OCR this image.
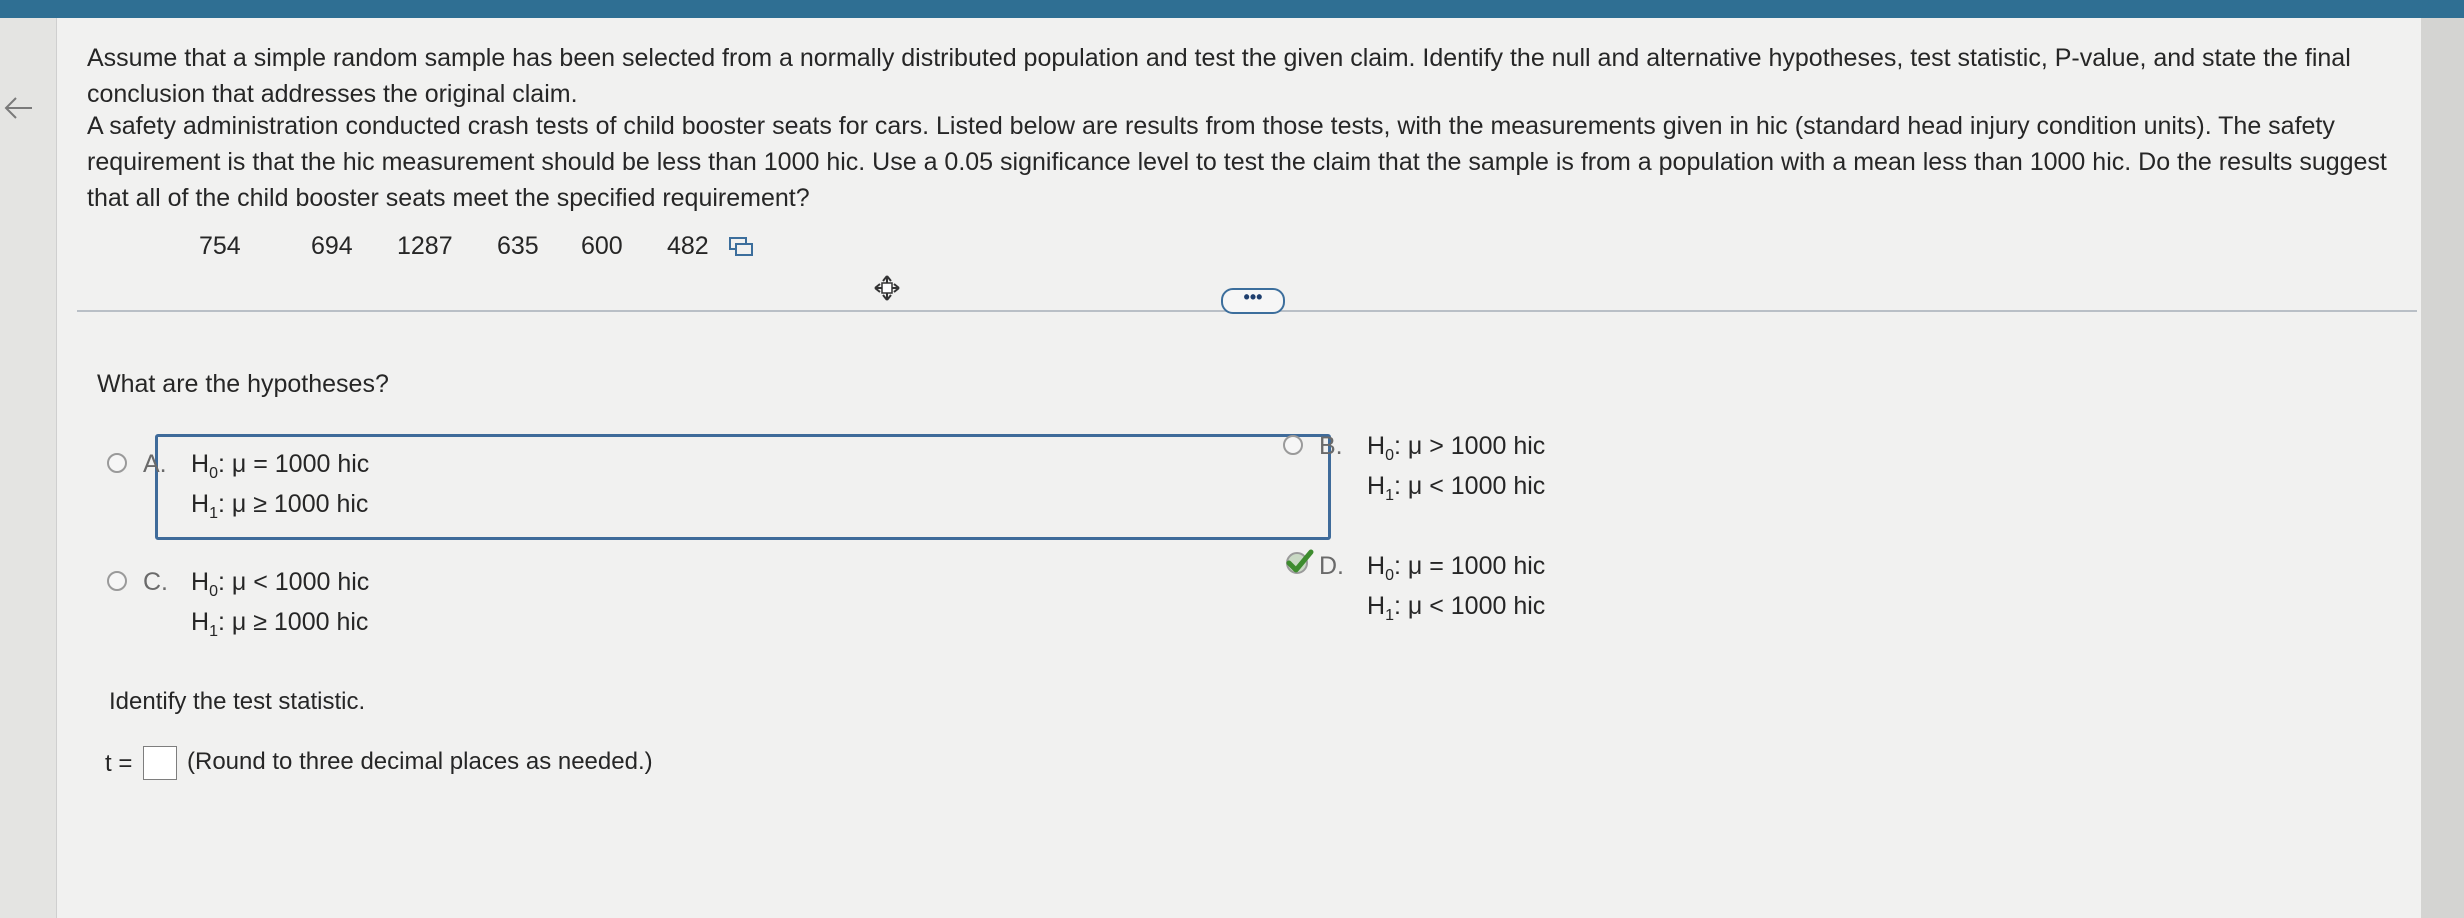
Assume that a simple random sample has been selected from a normally distributed population and test the given claim. Identify the null and alternative hypotheses, test statistic, P-value, and state the final conclusion that addresses the original claim.
A safety administration conducted crash tests of child booster seats for cars. Listed below are results from those tests, with the measurements given in hic (standard head injury condition units). The safety requirement is that the hic measurement should be less than 1000 hic. Use a 0.05 significance level to test the claim that the sample is from a population with a mean less than 1000 hic. Do the results suggest that all of the child booster seats meet the specified requirement?
754	694 1287 635 600 482
•••
What are the hypotheses?
A. $H_0$: μ = 1000 hic
$H_1$: μ ≥ 1000 hic
B. $H_0$: μ > 1000 hic
$H_1$: μ < 1000 hic
C. $H_0$: μ < 1000 hic
$H_1$: μ ≥ 1000 hic
D. $H_0$: μ = 1000 hic
$H_1$: μ < 1000 hic
Identify the test statistic.
t = (Round to three decimal places as needed.)
